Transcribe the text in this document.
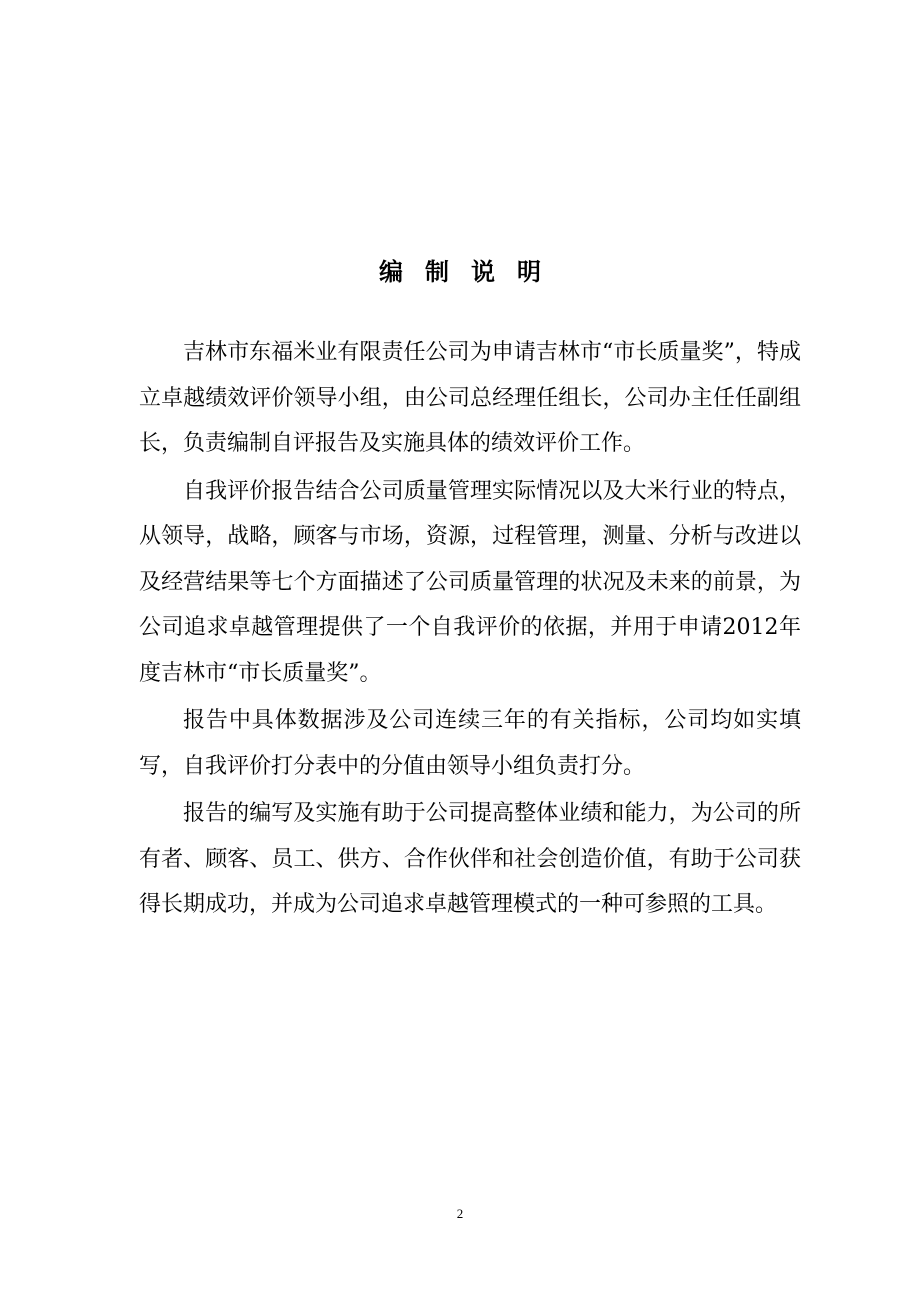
编制说明

吉林市东福米业有限责任公司为申请吉林市“市长质量奖”，特成立卓越绩效评价领导小组，由公司总经理任组长，公司办主任任副组长，负责编制自评报告及实施具体的绩效评价工作。

自我评价报告结合公司质量管理实际情况以及大米行业的特点，从领导，战略，顾客与市场，资源，过程管理，测量、分析与改进以及经营结果等七个方面描述了公司质量管理的状况及未来的前景，为公司追求卓越管理提供了一个自我评价的依据，并用于申请2012年度吉林市“市长质量奖”。

报告中具体数据涉及公司连续三年的有关指标，公司均如实填写，自我评价打分表中的分值由领导小组负责打分。

报告的编写及实施有助于公司提高整体业绩和能力，为公司的所有者、顾客、员工、供方、合作伙伴和社会创造价值，有助于公司获得长期成功，并成为公司追求卓越管理模式的一种可参照的工具。

2
